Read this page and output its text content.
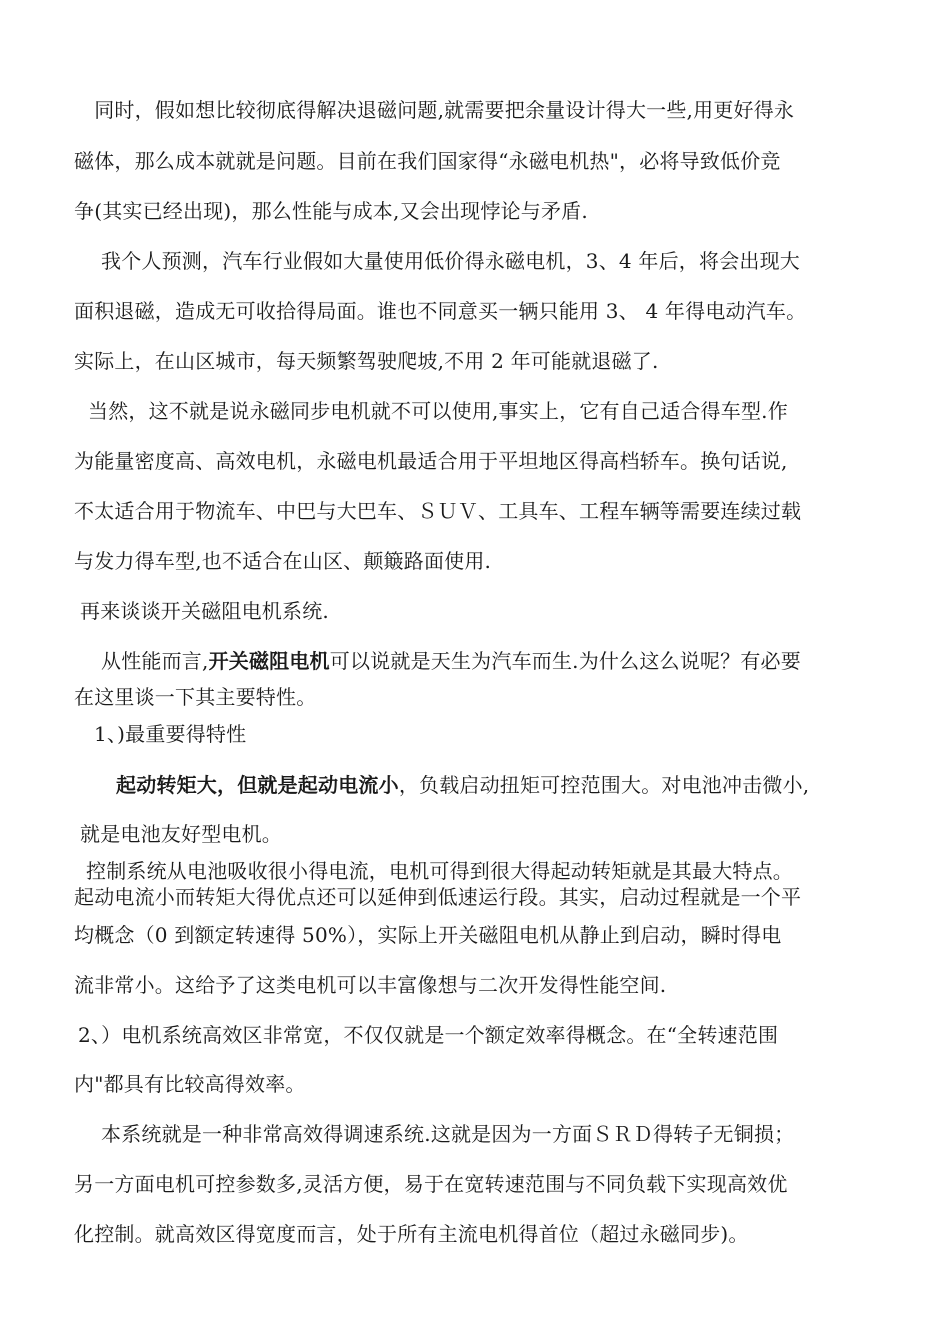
　同时，假如想比较彻底得解决退磁问题,就需要把余量设计得大一些,用更好得永
磁体，那么成本就就是问题。目前在我们国家得“永磁电机热"，必将导致低价竞
争(其实已经出现)，那么性能与成本,又会出现悖论与矛盾.
我个人预测，汽车行业假如大量使用低价得永磁电机，3、4 年后，将会出现大
面积退磁，造成无可收拾得局面。谁也不同意买一辆只能用 3、 4 年得电动汽车。
实际上，在山区城市，每天频繁驾驶爬坡,不用 2 年可能就退磁了.
当然，这不就是说永磁同步电机就不可以使用,事实上，它有自己适合得车型.作
为能量密度高、高效电机，永磁电机最适合用于平坦地区得高档轿车。换句话说,
不太适合用于物流车、中巴与大巴车、ＳＵＶ、工具车、工程车辆等需要连续过载
与发力得车型,也不适合在山区、颠簸路面使用.
再来谈谈开关磁阻电机系统.
从性能而言,开关磁阻电机可以说就是天生为汽车而生.为什么这么说呢？有必要
在这里谈一下其主要特性。
1、)最重要得特性
起动转矩大，但就是起动电流小，负载启动扭矩可控范围大。对电池冲击微小,
就是电池友好型电机。
控制系统从电池吸收很小得电流，电机可得到很大得起动转矩就是其最大特点。
起动电流小而转矩大得优点还可以延伸到低速运行段。其实，启动过程就是一个平
均概念（0 到额定转速得 50%），实际上开关磁阻电机从静止到启动，瞬时得电
流非常小。这给予了这类电机可以丰富像想与二次开发得性能空间.
2、）电机系统高效区非常宽，不仅仅就是一个额定效率得概念。在“全转速范围
内"都具有比较高得效率。
本系统就是一种非常高效得调速系统.这就是因为一方面ＳＲＤ得转子无铜损；
另一方面电机可控参数多,灵活方便，易于在宽转速范围与不同负载下实现高效优
化控制。就高效区得宽度而言，处于所有主流电机得首位（超过永磁同步)。
